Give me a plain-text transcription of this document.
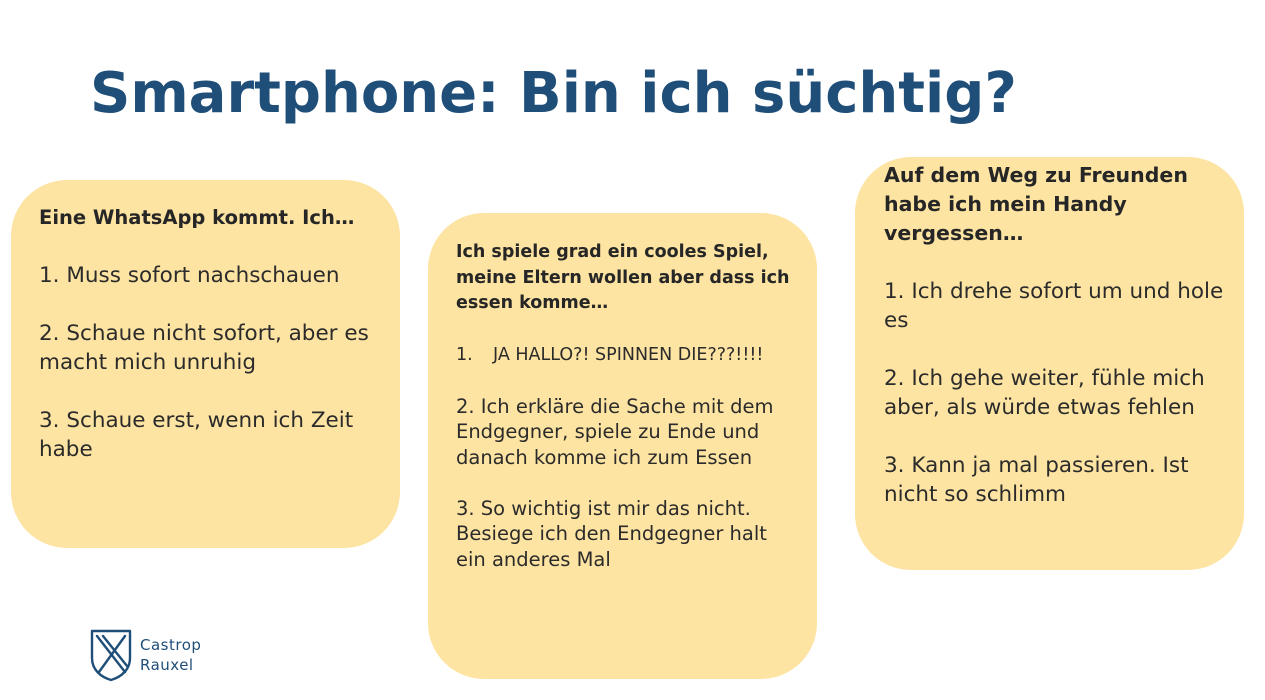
Smartphone: Bin ich süchtig?

Eine WhatsApp kommt. Ich…

1. Muss sofort nachschauen

2. Schaue nicht sofort, aber es macht mich unruhig

3. Schaue erst, wenn ich Zeit habe

Ich spiele grad ein cooles Spiel, meine Eltern wollen aber dass ich essen komme…

1.	JA HALLO?! SPINNEN DIE???!!!!

2. Ich erkläre die Sache mit dem Endgegner, spiele zu Ende und danach komme ich zum Essen

3. So wichtig ist mir das nicht. Besiege ich den Endgegner halt ein anderes Mal

Auf dem Weg zu Freunden habe ich mein Handy vergessen…

1. Ich drehe sofort um und hole es

2. Ich gehe weiter, fühle mich aber, als würde etwas fehlen

3. Kann ja mal passieren. Ist nicht so schlimm

Castrop
Rauxel
